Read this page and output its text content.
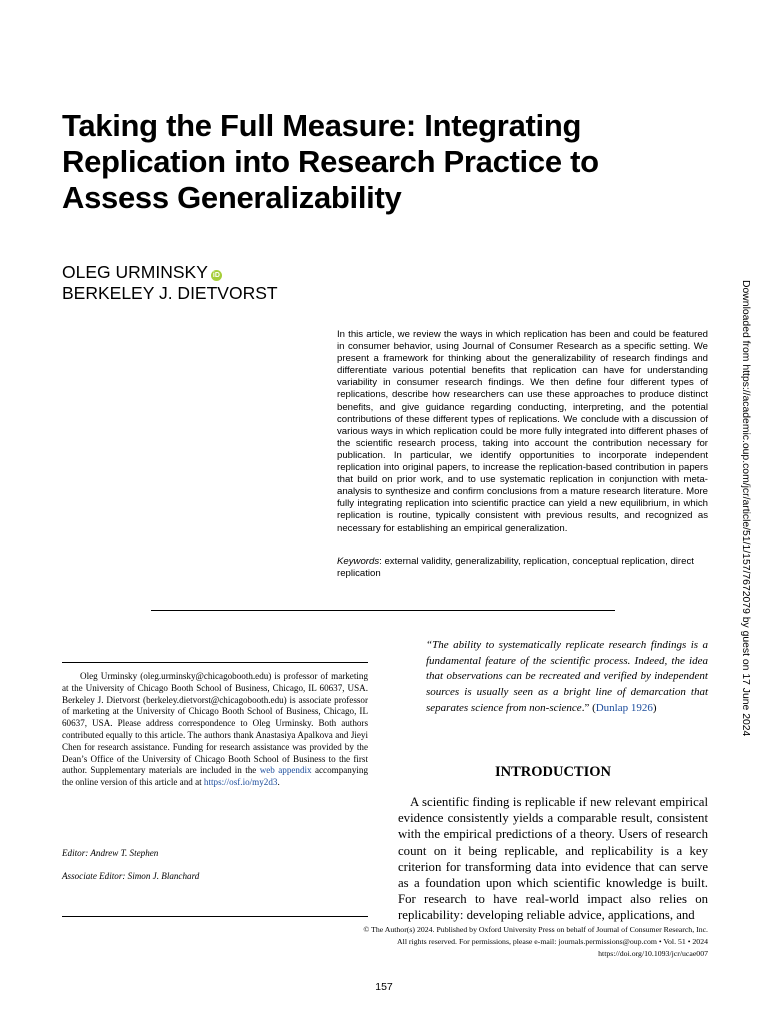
Taking the Full Measure: Integrating Replication into Research Practice to Assess Generalizability
OLEG URMINSKY iD
BERKELEY J. DIETVORST

In this article, we review the ways in which replication has been and could be featured in consumer behavior, using Journal of Consumer Research as a specific setting. We present a framework for thinking about the generalizability of research findings and differentiate various potential benefits that replication can have for understanding variability in consumer research findings. We then define four different types of replications, describe how researchers can use these approaches to produce distinct benefits, and give guidance regarding conducting, interpreting, and the potential contributions of these different types of replications. We conclude with a discussion of various ways in which replication could be more fully integrated into different phases of the scientific research process, taking into account the contribution necessary for publication. In particular, we identify opportunities to incorporate independent replication into original papers, to increase the replication-based contribution in papers that build on prior work, and to use systematic replication in conjunction with meta-analysis to synthesize and confirm conclusions from a mature research literature. More fully integrating replication into scientific practice can yield a new equilibrium, in which replication is routine, typically consistent with previous results, and recognized as necessary for establishing an empirical generalization.

Keywords: external validity, generalizability, replication, conceptual replication, direct replication

“The ability to systematically replicate research findings is a fundamental feature of the scientific process. Indeed, the idea that observations can be recreated and verified by independent sources is usually seen as a bright line of demarcation that separates science from non-science.” (Dunlap 1926)

Oleg Urminsky (oleg.urminsky@chicagobooth.edu) is professor of marketing at the University of Chicago Booth School of Business, Chicago, IL 60637, USA. Berkeley J. Dietvorst (berkeley.dietvorst@chicagobooth.edu) is associate professor of marketing at the University of Chicago Booth School of Business, Chicago, IL 60637, USA. Please address correspondence to Oleg Urminsky. Both authors contributed equally to this article. The authors thank Anastasiya Apalkova and Jieyi Chen for research assistance. Funding for research assistance was provided by the Dean’s Office of the University of Chicago Booth School of Business to the first author. Supplementary materials are included in the web appendix accompanying the online version of this article and at https://osf.io/my2d3.

Editor: Andrew T. Stephen
Associate Editor: Simon J. Blanchard
INTRODUCTION

A scientific finding is replicable if new relevant empirical evidence consistently yields a comparable result, consistent with the empirical predictions of a theory. Users of research count on it being replicable, and replicability is a key criterion for transforming data into evidence that can serve as a foundation upon which scientific knowledge is built. For research to have real-world impact also relies on replicability: developing reliable advice, applications, and

© The Author(s) 2024. Published by Oxford University Press on behalf of Journal of Consumer Research, Inc.
All rights reserved. For permissions, please e-mail: journals.permissions@oup.com • Vol. 51 • 2024
https://doi.org/10.1093/jcr/ucae007
157
Downloaded from https://academic.oup.com/jcr/article/51/1/157/7672079 by guest on 17 June 2024
